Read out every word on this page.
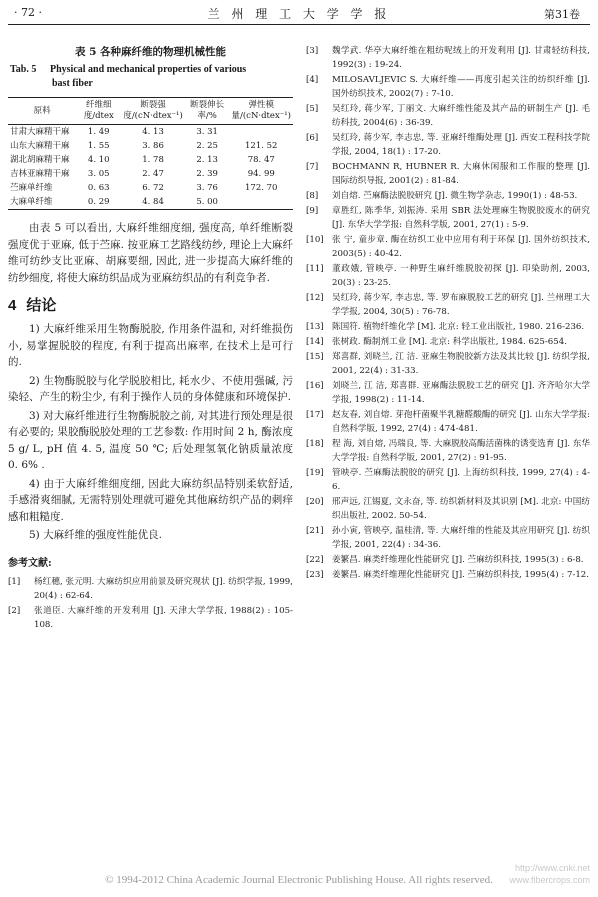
· 72 ·	兰 州 理 工 大 学 学 报	第31卷
表 5 各种麻纤维的物理机械性能
Tab. 5 Physical and mechanical properties of various
bast fiber
原料	纤维细度/dtex	断裂强度/(cN·dtex⁻¹)	断裂伸长率/%	弹性模量/(cN·dtex⁻¹)
甘肃大麻精干麻	1. 49	4. 13	3. 31	
山东大麻精干麻	1. 55	3. 86	2. 25	121. 52
湖北胡麻精干麻	4. 10	1. 78	2. 13	78. 47
吉林亚麻精干麻	3. 05	2. 47	2. 39	94. 99
苎麻单纤维	0. 63	6. 72	3. 76	172. 70
大麻单纤维	0. 29	4. 84	5. 00	

由表 5 可以看出, 大麻纤维细度细, 强度高, 单纤维断裂强度优于亚麻, 低于苎麻. 按亚麻工艺路线纺纱, 理论上大麻纤维可纺纱支比亚麻、胡麻要细, 因此, 进一步提高大麻纤维的纺纱细度, 将使大麻纺织品成为亚麻纺织品的有利竞争者.

4 结论

1) 大麻纤维采用生物酶脱胶, 作用条件温和, 对纤维损伤小, 易掌握脱胶的程度, 有利于提高出麻率, 在技术上是可行的.

2) 生物酶脱胶与化学脱胶相比, 耗水少、不使用强碱, 污染轻、产生的粉尘少, 有利于操作人员的身体健康和环境保护.

3) 对大麻纤维进行生物酶脱胶之前, 对其进行预处理是很有必要的; 果胶酶脱胶处理的工艺参数: 作用时间 2 h, 酶浓度 5 g/ L, pH 值 4. 5, 温度 50 ℃; 后处理氢氧化钠质量浓度 0. 6% .

4) 由于大麻纤维细度细, 因此大麻纺织品特别柔软舒适, 手感滑爽细腻, 无需特别处理就可避免其他麻纺织产品的刺痒感和粗糙度.

5) 大麻纤维的强度性能优良.

参考文献:
[1] 杨红穗, 张元明. 大麻纺织应用前景及研究现状 [J]. 纺织学报, 1999, 20(4) : 62-64.
[2] 张道臣. 大麻纤维的开发利用 [J]. 天津大学学报, 1988(2) : 105-108.
[3] 魏学武. 华亭大麻纤维在粗纺呢绒上的开发利用 [J]. 甘肃轻纺科技, 1992(3) : 19-24.
[4] MILOSAVLJEVIC S. 大麻纤维——再度引起关注的纺织纤维 [J]. 国外纺织技术, 2002(7) : 7-10.
[5] 吴红玲, 蒋少军, 丁丽文. 大麻纤维性能及其产品的研制生产 [J]. 毛纺科技, 2004(6) : 36-39.
[6] 吴红玲, 蒋少军, 李志忠, 等. 亚麻纤维酶处理 [J]. 西安工程科技学院学报, 2004, 18(1) : 17-20.
[7] BOCHMANN R, HUBNER R. 大麻休闲服和工作服的整理 [J]. 国际纺织导报, 2001(2) : 81-84.
[8] 刘自熔. 苎麻酶法脱胶研究 [J]. 微生物学杂志, 1990(1) : 48-53.
[9] 章胜红, 陈季华, 刘振涛. 采用 SBR 法处理麻生物脱胶废水的研究 [J]. 东华大学学报: 自然科学版, 2001, 27(1) : 5-9.
[10] 张 宁, 童步章. 酶在纺织工业中应用有利于环保 [J]. 国外纺织技术, 2003(5) : 40-42.
[11] 董政娥, 管映亭. 一种野生麻纤维脱胶初探 [J]. 印染助剂, 2003, 20(3) : 23-25.
[12] 吴红玲, 蒋少军, 李志忠, 等. 罗布麻脱胶工艺的研究 [J]. 兰州理工大学学报, 2004, 30(5) : 76-78.
[13] 陈国符. 植物纤维化学 [M]. 北京: 轻工业出版社, 1980. 216-236.
[14] 张树政. 酶制剂工业 [M]. 北京: 科学出版社, 1984. 625-654.
[15] 郑喜群, 刘晓兰, 江 洁. 亚麻生物脱胶新方法及其比较 [J]. 纺织学报, 2001, 22(4) : 31-33.
[16] 刘晓兰, 江 洁, 郑喜群. 亚麻酶法脱胶工艺的研究 [J]. 齐齐哈尔大学学报, 1998(2) : 11-14.
[17] 赵友春, 刘自熔. 芽孢杆菌聚半乳糖醛酸酶的研究 [J]. 山东大学学报: 自然科学版, 1992, 27(4) : 474-481.
[18] 程 海, 刘自熔, 冯瑞良, 等. 大麻脱胶高酶活菌株的诱变选育 [J]. 东华大学学报: 自然科学版, 2001, 27(2) : 91-95.
[19] 管映亭. 苎麻酶法脱胶的研究 [J]. 上海纺织科技, 1999, 27(4) : 4-6.
[20] 邢声远, 江锡夏, 文永奋, 等. 纺织新材料及其识别 [M]. 北京: 中国纺织出版社, 2002. 50-54.
[21] 孙小寅, 管映亭, 温桂清, 等. 大麻纤维的性能及其应用研究 [J]. 纺织学报, 2001, 22(4) : 34-36.
[22] 姜繁昌. 麻类纤维理化性能研究 [J]. 苎麻纺织科技, 1995(3) : 6-8.
[23] 姜繁昌. 麻类纤维理化性能研究 [J]. 苎麻纺织科技, 1995(4) : 7-12.
http://www.cnki.net
www.fibercrops.com
© 1994-2012 China Academic Journal Electronic Publishing House. All rights reserved.
